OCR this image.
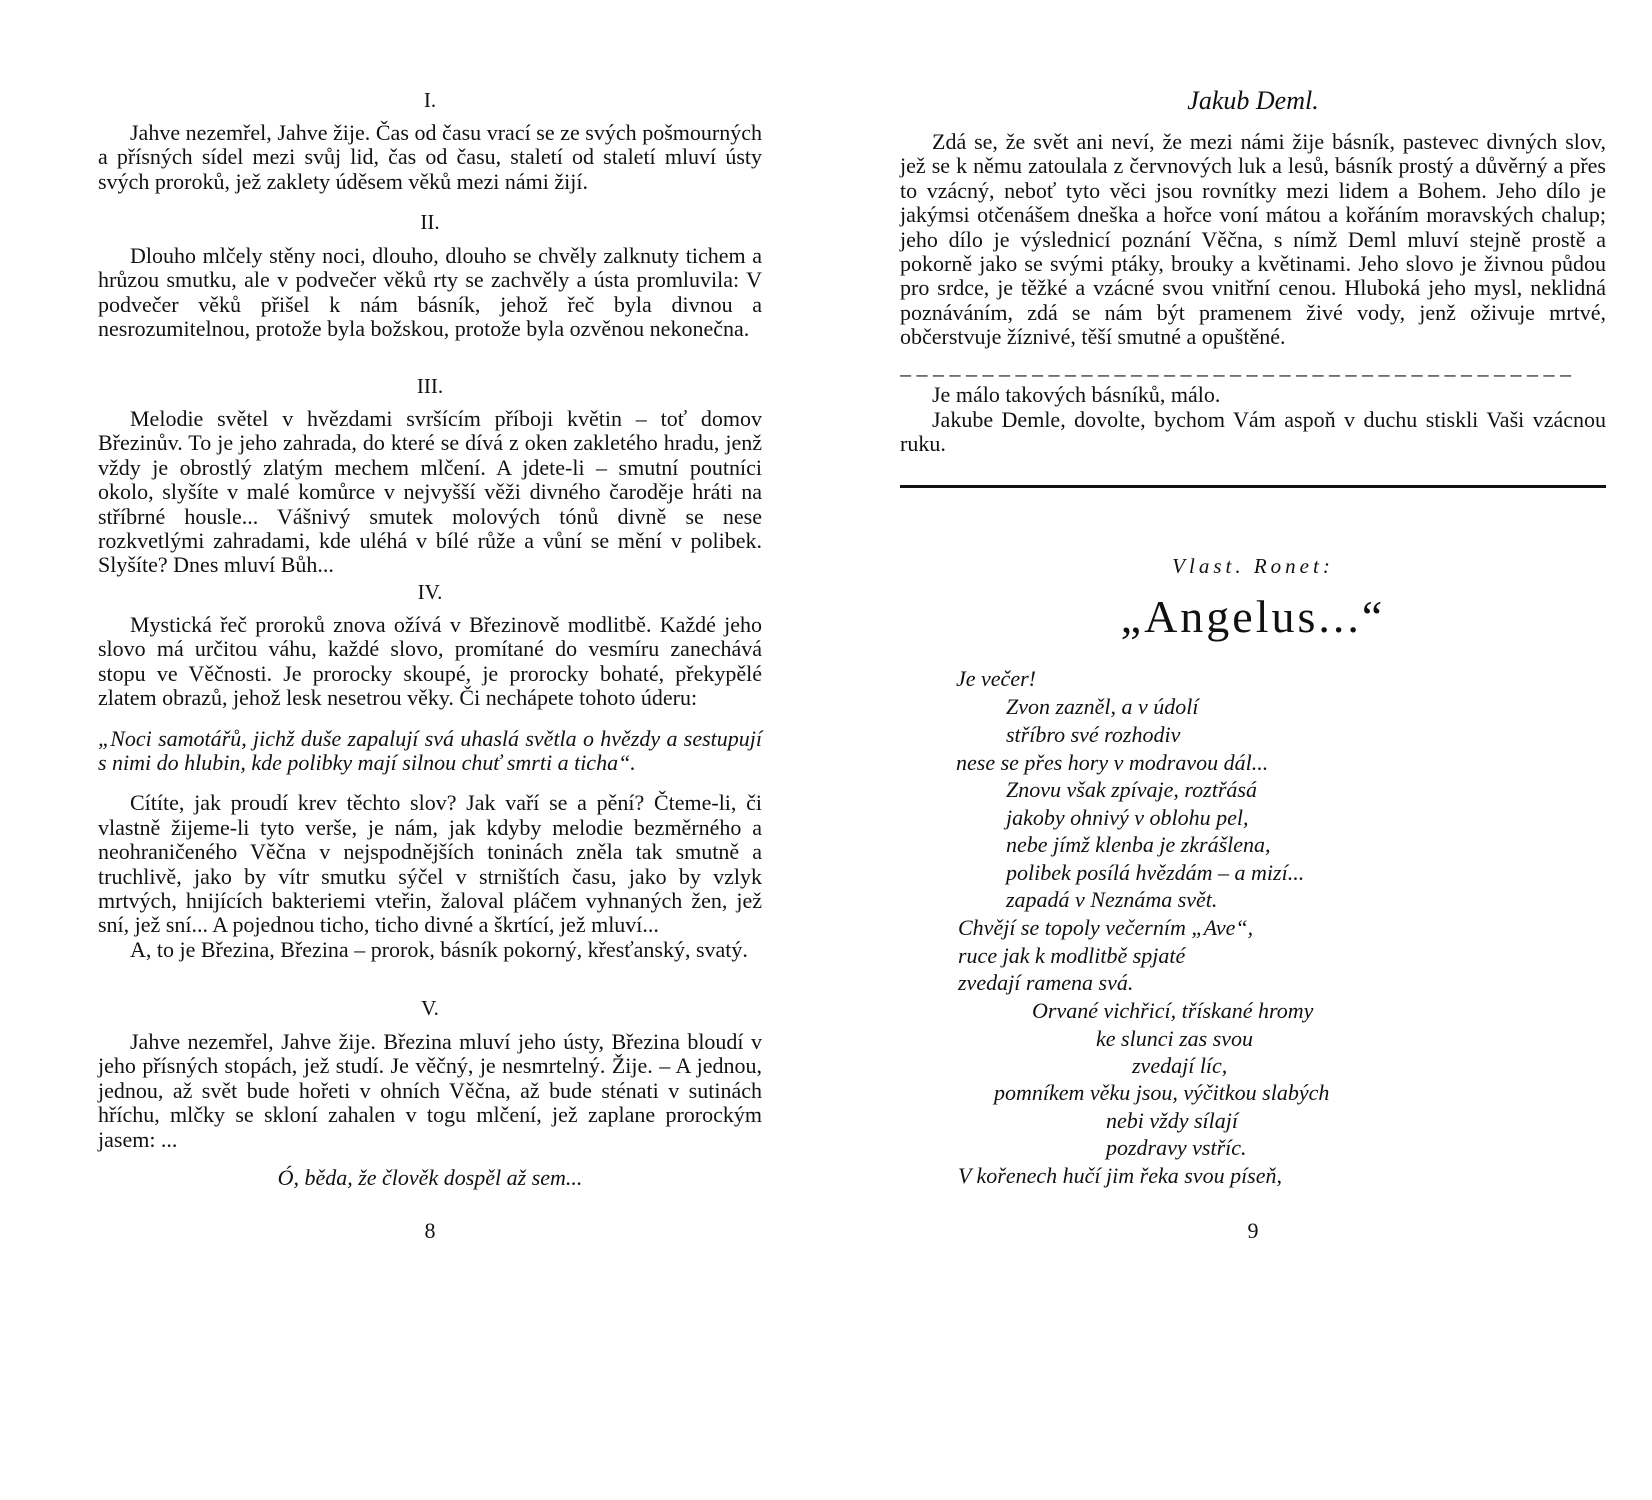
I.

Jahve nezemřel, Jahve žije. Čas od času vrací se ze svých pošmourných a přísných sídel mezi svůj lid, čas od času, staletí od staletí mluví ústy svých proroků, jež zaklety úděsem věků mezi námi žijí.

II.

Dlouho mlčely stěny noci, dlouho, dlouho se chvěly zalknuty tichem a hrůzou smutku, ale v podvečer věků rty se zachvěly a ústa promluvila: V podvečer věků přišel k nám básník, jehož řeč byla divnou a nesrozumitelnou, protože byla božskou, protože byla ozvěnou nekonečna.

III.

Melodie světel v hvězdami svršícím příboji květin – toť domov Březinův. To je jeho zahrada, do které se dívá z oken zakletého hradu, jenž vždy je obrostlý zlatým mechem mlčení. A jdete-li – smutní poutníci okolo, slyšíte v malé komůrce v nejvyšší věži divného čaroděje hráti na stříbrné housle... Vášnivý smutek molových tónů divně se nese rozkvetlými zahradami, kde uléhá v bílé růže a vůní se mění v polibek. Slyšíte? Dnes mluví Bůh...

IV.

Mystická řeč proroků znova ožívá v Březinově modlitbě. Každé jeho slovo má určitou váhu, každé slovo, promítané do vesmíru zanechává stopu ve Věčnosti. Je prorocky skoupé, je prorocky bohaté, překypělé zlatem obrazů, jehož lesk nesetrou věky. Či nechápete tohoto úderu:

„Noci samotářů, jichž duše zapalují svá uhaslá světla o hvězdy a sestupují s nimi do hlubin, kde polibky mají silnou chuť smrti a ticha“.

Cítíte, jak proudí krev těchto slov? Jak vaří se a pění? Čteme-li, či vlastně žijeme-li tyto verše, je nám, jak kdyby melodie bezměrného a neohraničeného Věčna v nejspodnějších toninách zněla tak smutně a truchlivě, jako by vítr smutku sýčel v strništích času, jako by vzlyk mrtvých, hnijících bakteriemi vteřin, žaloval pláčem vyhnaných žen, jež sní, jež sní... A pojednou ticho, ticho divné a škrtící, jež mluví...

A, to je Březina, Březina – prorok, básník pokorný, křesťanský, svatý.

V.

Jahve nezemřel, Jahve žije. Březina mluví jeho ústy, Březina bloudí v jeho přísných stopách, jež studí. Je věčný, je nesmrtelný. Žije. – A jednou, jednou, až svět bude hořeti v ohních Věčna, až bude sténati v sutinách hříchu, mlčky se skloní zahalen v togu mlčení, jež zaplane prorockým jasem: ...

Ó, běda, že člověk dospěl až sem...

8

Jakub Deml.

Zdá se, že svět ani neví, že mezi námi žije básník, pastevec divných slov, jež se k němu zatoulala z červnových luk a lesů, básník prostý a důvěrný a přes to vzácný, neboť tyto věci jsou rovnítky mezi lidem a Bohem. Jeho dílo je jakýmsi otčenášem dneška a hořce voní mátou a kořáním moravských chalup; jeho dílo je výslednicí poznání Věčna, s nímž Deml mluví stejně prostě a pokorně jako se svými ptáky, brouky a květinami. Jeho slovo je živnou půdou pro srdce, je těžké a vzácné svou vnitřní cenou. Hluboká jeho mysl, neklidná poznáváním, zdá se nám být pramenem živé vody, jenž oživuje mrtvé, občerstvuje žíznivé, těší smutné a opuštěné.

– – – – – – – – – – – – – – – – – – – – – – – – – – – – – – – – – – – – – – – – –

Je málo takových básníků, málo.

Jakube Demle, dovolte, bychom Vám aspoň v duchu stiskli Vaši vzácnou ruku.

Vlast. Ronet:

„Angelus...“

Je večer!
Zvon zazněl, a v údolí
stříbro své rozhodiv
nese se přes hory v modravou dál...
Znovu však zpívaje, roztřásá
jakoby ohnivý v oblohu pel,
nebe jímž klenba je zkrášlena,
polibek posílá hvězdám – a mizí...
zapadá v Neznáma svět.
Chvějí se topoly večerním „Ave“,
ruce jak k modlitbě spjaté
zvedají ramena svá.
Orvané vichřicí, třískané hromy
ke slunci zas svou
zvedají líc,
pomníkem věku jsou, výčitkou slabých
nebi vždy sílají
pozdravy vstříc.
V kořenech hučí jim řeka svou píseň,
9
